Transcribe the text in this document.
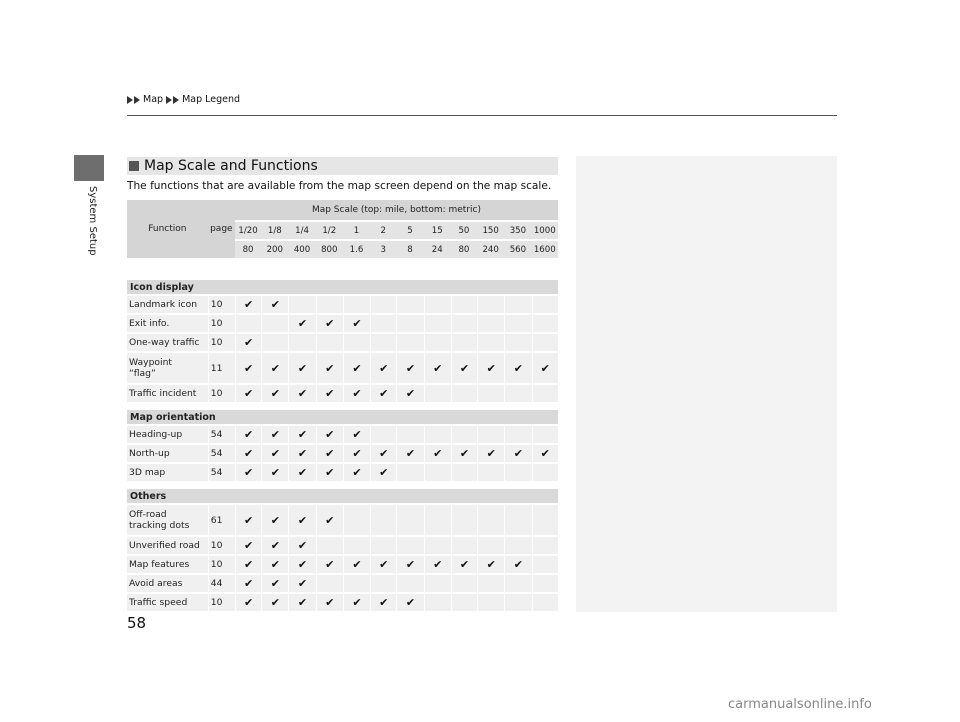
Map Map Legend
System Setup
Map Scale and Functions
The functions that are available from the map screen depend on the map scale.
Function	page	Map Scale (top: mile, bottom: metric)											
		1/20	1/8	1/4	1/2	1	2	5	15	50	150	350	1000
		80	200	400	800	1.6	3	8	24	80	240	560	1600

Icon display													
Landmark icon	10	✔	✔										
Exit info.	10			✔	✔	✔							
One-way traffic	10	✔											
Waypoint
“flag”	11	✔	✔	✔	✔	✔	✔	✔	✔	✔	✔	✔	✔
Traffic incident	10	✔	✔	✔	✔	✔	✔	✔					

Map orientation													
Heading-up	54	✔	✔	✔	✔	✔							
North-up	54	✔	✔	✔	✔	✔	✔	✔	✔	✔	✔	✔	✔
3D map	54	✔	✔	✔	✔	✔	✔						

Others													
Off-road
tracking dots	61	✔	✔	✔	✔								
Unverified road	10	✔	✔	✔									
Map features	10	✔	✔	✔	✔	✔	✔	✔	✔	✔	✔	✔	
Avoid areas	44	✔	✔	✔									
Traffic speed	10	✔	✔	✔	✔	✔	✔	✔					
58
carmanualsonline.info
